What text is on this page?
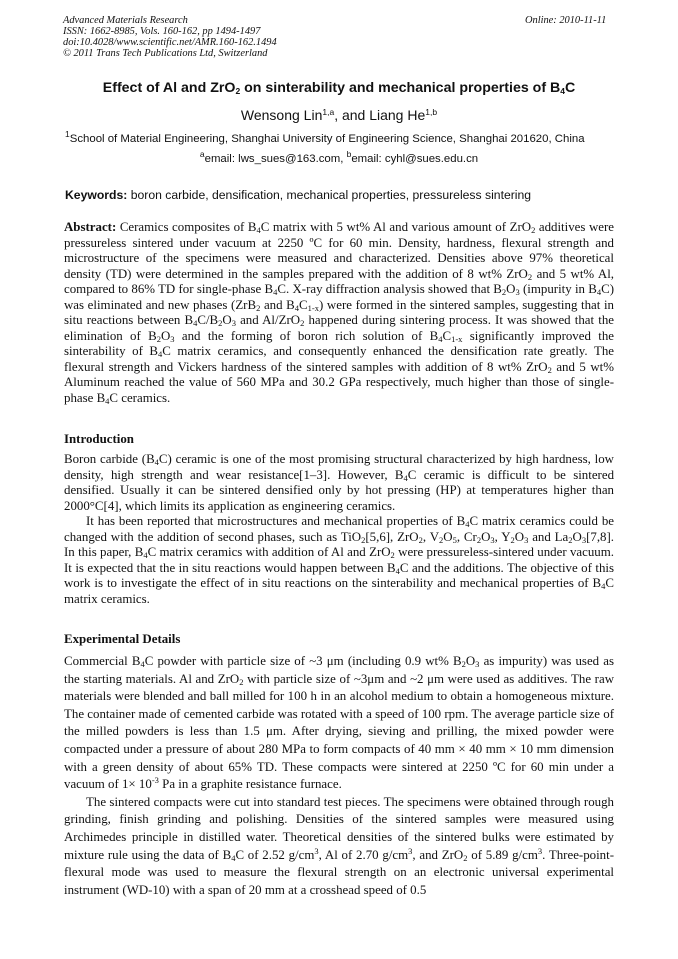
Advanced Materials Research
ISSN: 1662-8985, Vols. 160-162, pp 1494-1497
doi:10.4028/www.scientific.net/AMR.160-162.1494
© 2011 Trans Tech Publications Ltd, Switzerland
Online: 2010-11-11
Effect of Al and ZrO$_2$ on sinterability and mechanical properties of $B_4C$
Wensong Lin$^{1,a}$, and Liang He$^{1,b}$
$^1$School of Material Engineering, Shanghai University of Engineering Science, Shanghai 201620, China
$^a$email: lws_sues@163.com, $^b$email: cyhl@sues.edu.cn
Keywords: boron carbide, densification, mechanical properties, pressureless sintering

Abstract: Ceramics composites of $B_4C$ matrix with 5 wt% Al and various amount of ZrO$_2$ additives were pressureless sintered under vacuum at 2250 ºC for 60 min. Density, hardness, flexural strength and microstructure of the specimens were measured and characterized. Densities above 97% theoretical density (TD) were determined in the samples prepared with the addition of 8 wt% ZrO$_2$ and 5 wt% Al, compared to 86% TD for single-phase $B_4C$. X-ray diffraction analysis showed that $B_2O_3$ (impurity in $B_4C$) was eliminated and new phases (ZrB$_2$ and $B_4C_{1-x}$) were formed in the sintered samples, suggesting that in situ reactions between $B_4C/B_2O_3$ and Al/ZrO$_2$ happened during sintering process. It was showed that the elimination of $B_2O_3$ and the forming of boron rich solution of $B_4C_{1-x}$ significantly improved the sinterability of $B_4C$ matrix ceramics, and consequently enhanced the densification rate greatly. The flexural strength and Vickers hardness of the sintered samples with addition of 8 wt% ZrO$_2$ and 5 wt% Aluminum reached the value of 560 MPa and 30.2 GPa respectively, much higher than those of single-phase $B_4C$ ceramics.

Introduction

Boron carbide $(B_4C)$ ceramic is one of the most promising structural characterized by high hardness, low density, high strength and wear resistance[1–3]. However, $B_4C$ ceramic is difficult to be sintered densified. Usually it can be sintered densified only by hot pressing (HP) at temperatures higher than 2000°C[4], which limits its application as engineering ceramics.

It has been reported that microstructures and mechanical properties of $B_4C$ matrix ceramics could be changed with the addition of second phases, such as TiO$_2$[5,6], ZrO$_2$, $V_2O_5$, $Cr_2O_3$, $Y_2O_3$ and $La_2O_3[7,8]$. In this paper, $B_4C$ matrix ceramics with addition of Al and ZrO$_2$ were pressureless-sintered under vacuum. It is expected that the in situ reactions would happen between $B_4C$ and the additions. The objective of this work is to investigate the effect of in situ reactions on the sinterability and mechanical properties of $B_4C$ matrix ceramics.

Experimental Details

Commercial $B_4C$ powder with particle size of ~3 μm (including 0.9 wt% $B_2O_3$ as impurity) was used as the starting materials. Al and ZrO$_2$ with particle size of ~3μm and ~2 μm were used as additives. The raw materials were blended and ball milled for 100 h in an alcohol medium to obtain a homogeneous mixture. The container made of cemented carbide was rotated with a speed of 100 rpm. The average particle size of the milled powders is less than 1.5 μm. After drying, sieving and prilling, the mixed powder were compacted under a pressure of about 280 MPa to form compacts of 40 mm × 40 mm × 10 mm dimension with a green density of about 65% TD. These compacts were sintered at 2250 ºC for 60 min under a vacuum of $1\times 10^{-3}$ Pa in a graphite resistance furnace.

The sintered compacts were cut into standard test pieces. The specimens were obtained through rough grinding, finish grinding and polishing. Densities of the sintered samples were measured using Archimedes principle in distilled water. Theoretical densities of the sintered bulks were estimated by mixture rule using the data of $B_4C$ of 2.52 $g/cm^3$, Al of 2.70 $g/cm^3$, and ZrO$_2$ of 5.89 $g/cm^3$. Three-point-flexural mode was used to measure the flexural strength on an electronic universal experimental instrument (WD-10) with a span of 20 mm at a crosshead speed of 0.5
